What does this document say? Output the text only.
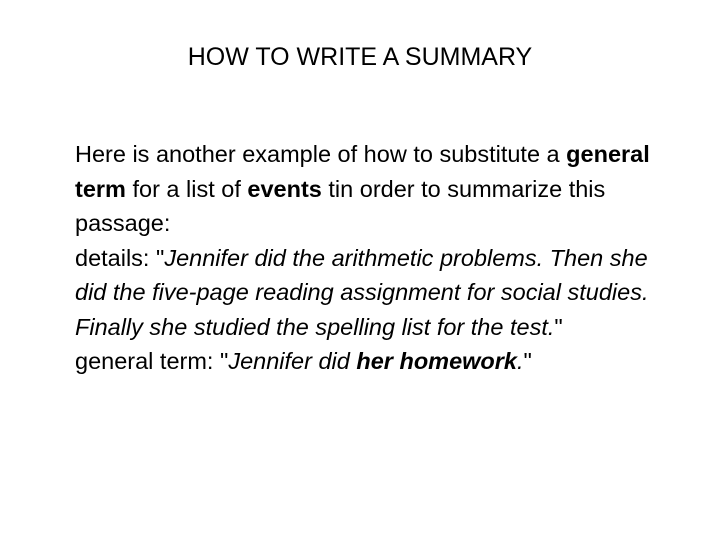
HOW TO WRITE A SUMMARY

Here is another example of how to substitute a general term for a list of events tin order to summarize this passage:

details: "Jennifer did the arithmetic problems. Then she did the five-page reading assignment for social studies. Finally she studied the spelling list for the test."

general term: "Jennifer did her homework."
